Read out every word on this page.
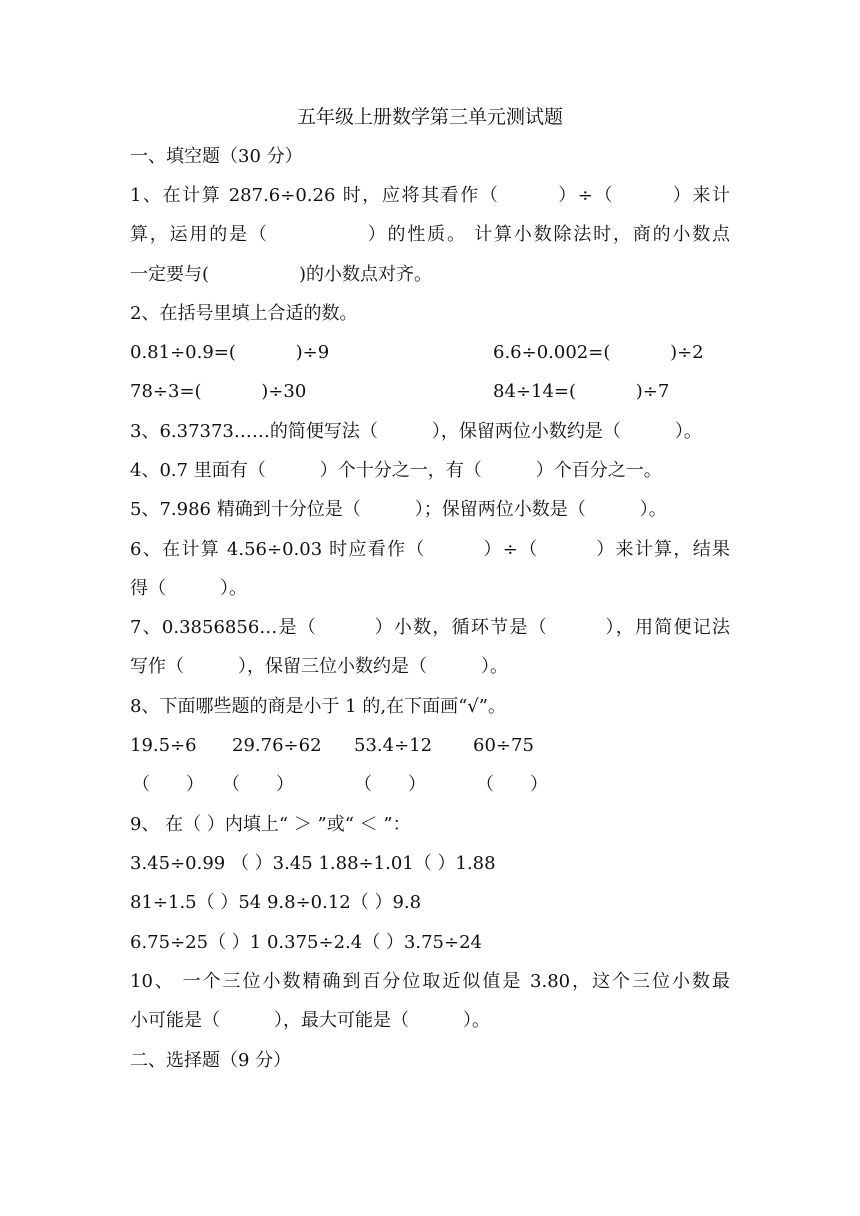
五年级上册数学第三单元测试题
一、填空题（30 分）
1、在计算 287.6÷0.26 时，应将其看作（　　　）÷（　　　）来计
算，运用的是（　　　　　）的性质。 计算小数除法时，商的小数点
一定要与(　　　　　)的小数点对齐。
2、在括号里填上合适的数。
0.81÷0.9=(　　　 )÷9	6.6÷0.002=(　　　 )÷2
78÷3=(　　　 )÷30	84÷14=(　　　 )÷7
3、6.37373……的简便写法（　　　），保留两位小数约是（　　　）。
4、0.7 里面有（　　　）个十分之一，有（　　　）个百分之一。
5、7.986 精确到十分位是（　　　）；保留两位小数是（　　　）。
6、在计算 4.56÷0.03 时应看作（　　　）÷（　　　）来计算，结果
得（　　　）。
7、0.3856856…是（　　　）小数，循环节是（　　　），用简便记法
写作（　　　），保留三位小数约是（　　　）。
8、下面哪些题的商是小于 1 的,在下面画“√”。
19.5÷6 29.76÷62 53.4÷12 60÷75
（　　） （　　）	（　　）	（　　）
9、 在（ ）内填上“ ＞ ”或“ ＜ ”：
3.45÷0.99 （ ）3.45 1.88÷1.01（ ）1.88
81÷1.5（ ）54 9.8÷0.12（ ）9.8
6.75÷25（ ）1 0.375÷2.4（ ）3.75÷24
10、 一个三位小数精确到百分位取近似值是 3.80，这个三位小数最
小可能是（　　　），最大可能是（　　　）。
二、选择题（9 分）
